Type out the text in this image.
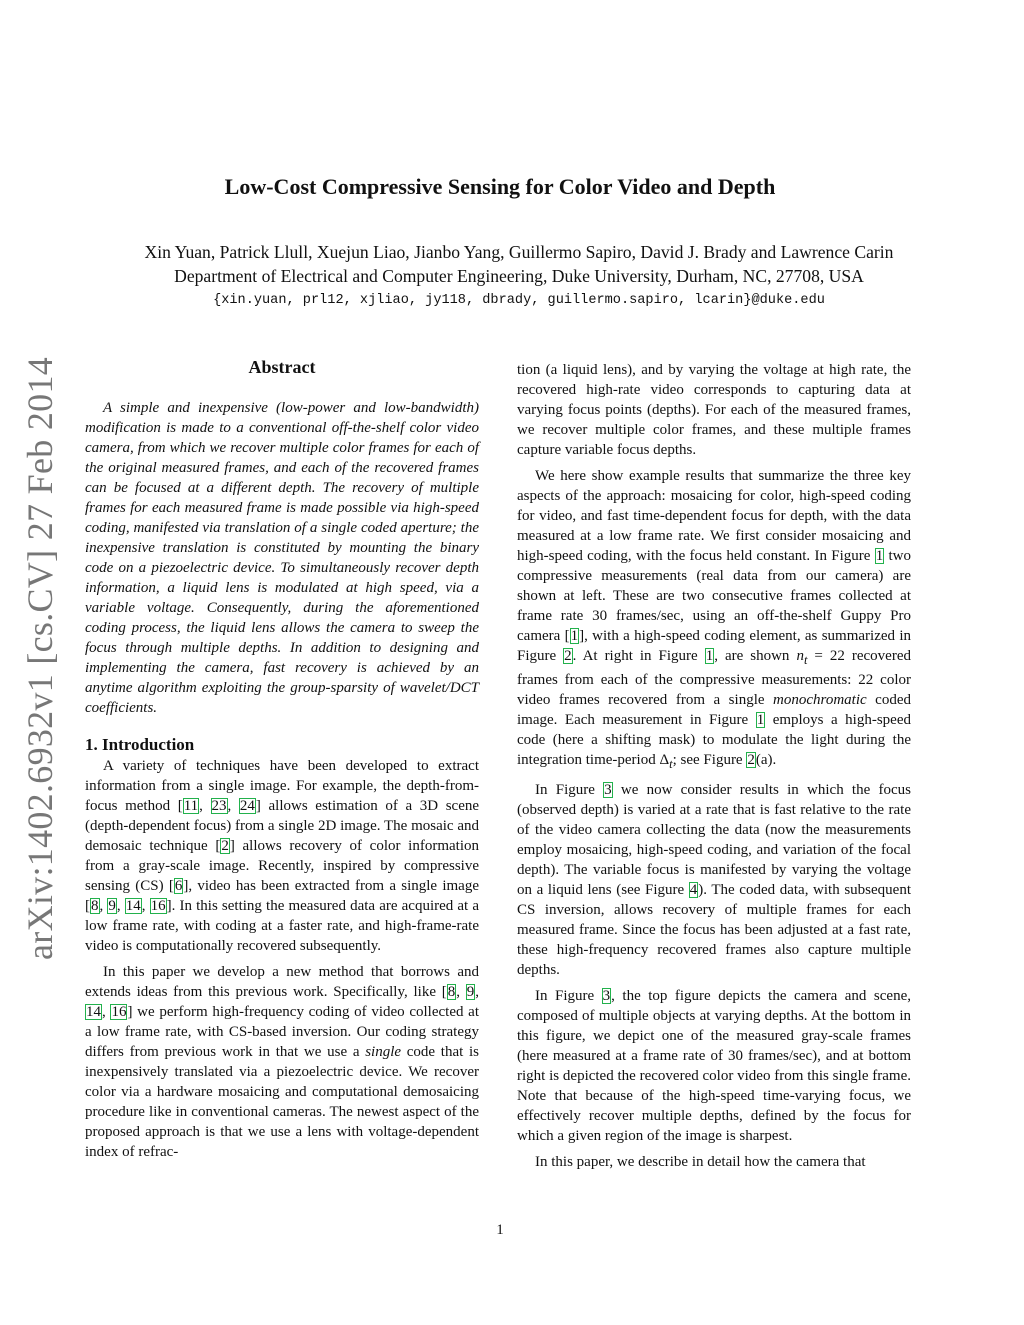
Low-Cost Compressive Sensing for Color Video and Depth
Xin Yuan, Patrick Llull, Xuejun Liao, Jianbo Yang, Guillermo Sapiro, David J. Brady and Lawrence Carin
Department of Electrical and Computer Engineering, Duke University, Durham, NC, 27708, USA
{xin.yuan, prl12, xjliao, jy118, dbrady, guillermo.sapiro, lcarin}@duke.edu
arXiv:1402.6932v1 [cs.CV] 27 Feb 2014	Abstract

A simple and inexpensive (low-power and low-bandwidth) modification is made to a conventional off-the-shelf color video camera, from which we recover multiple color frames for each of the original measured frames, and each of the recovered frames can be focused at a different depth. The recovery of multiple frames for each measured frame is made possible via high-speed coding, manifested via translation of a single coded aperture; the inexpensive translation is constituted by mounting the binary code on a piezoelectric device. To simultaneously recover depth information, a liquid lens is modulated at high speed, via a variable voltage. Consequently, during the aforementioned coding process, the liquid lens allows the camera to sweep the focus through multiple depths. In addition to designing and implementing the camera, fast recovery is achieved by an anytime algorithm exploiting the group-sparsity of wavelet/DCT coefficients.

1. Introduction

A variety of techniques have been developed to extract information from a single image. For example, the depth-from-focus method [11, 23, 24] allows estimation of a 3D scene (depth-dependent focus) from a single 2D image. The mosaic and demosaic technique [2] allows recovery of color information from a gray-scale image. Recently, inspired by compressive sensing (CS) [6], video has been extracted from a single image [8, 9, 14, 16]. In this setting the measured data are acquired at a low frame rate, with coding at a faster rate, and high-frame-rate video is computationally recovered subsequently.

In this paper we develop a new method that borrows and extends ideas from this previous work. Specifically, like [8, 9, 14, 16] we perform high-frequency coding of video collected at a low frame rate, with CS-based inversion. Our coding strategy differs from previous work in that we use a single code that is inexpensively translated via a piezoelectric device. We recover color via a hardware mosaicing and computational demosaicing procedure like in conventional cameras. The newest aspect of the proposed approach is that we use a lens with voltage-dependent index of refrac-

tion (a liquid lens), and by varying the voltage at high rate, the recovered high-rate video corresponds to capturing data at varying focus points (depths). For each of the measured frames, we recover multiple color frames, and these multiple frames capture variable focus depths.

We here show example results that summarize the three key aspects of the approach: mosaicing for color, high-speed coding for video, and fast time-dependent focus for depth, with the data measured at a low frame rate. We first consider mosaicing and high-speed coding, with the focus held constant. In Figure 1 two compressive measurements (real data from our camera) are shown at left. These are two consecutive frames collected at frame rate 30 frames/sec, using an off-the-shelf Guppy Pro camera [1], with a high-speed coding element, as summarized in Figure 2. At right in Figure 1, are shown $n_t = 22$ recovered frames from each of the compressive measurements: 22 color video frames recovered from a single monochromatic coded image. Each measurement in Figure 1 employs a high-speed code (here a shifting mask) to modulate the light during the integration time-period $\Delta_t$; see Figure 2(a).

In Figure 3 we now consider results in which the focus (observed depth) is varied at a rate that is fast relative to the rate of the video camera collecting the data (now the measurements employ mosaicing, high-speed coding, and variation of the focal depth). The variable focus is manifested by varying the voltage on a liquid lens (see Figure 4). The coded data, with subsequent CS inversion, allows recovery of multiple frames for each measured frame. Since the focus has been adjusted at a fast rate, these high-frequency recovered frames also capture multiple depths.

In Figure 3, the top figure depicts the camera and scene, composed of multiple objects at varying depths. At the bottom in this figure, we depict one of the measured gray-scale frames (here measured at a frame rate of 30 frames/sec), and at bottom right is depicted the recovered color video from this single frame. Note that because of the high-speed time-varying focus, we effectively recover multiple depths, defined by the focus for which a given region of the image is sharpest.

In this paper, we describe in detail how the camera that

1
